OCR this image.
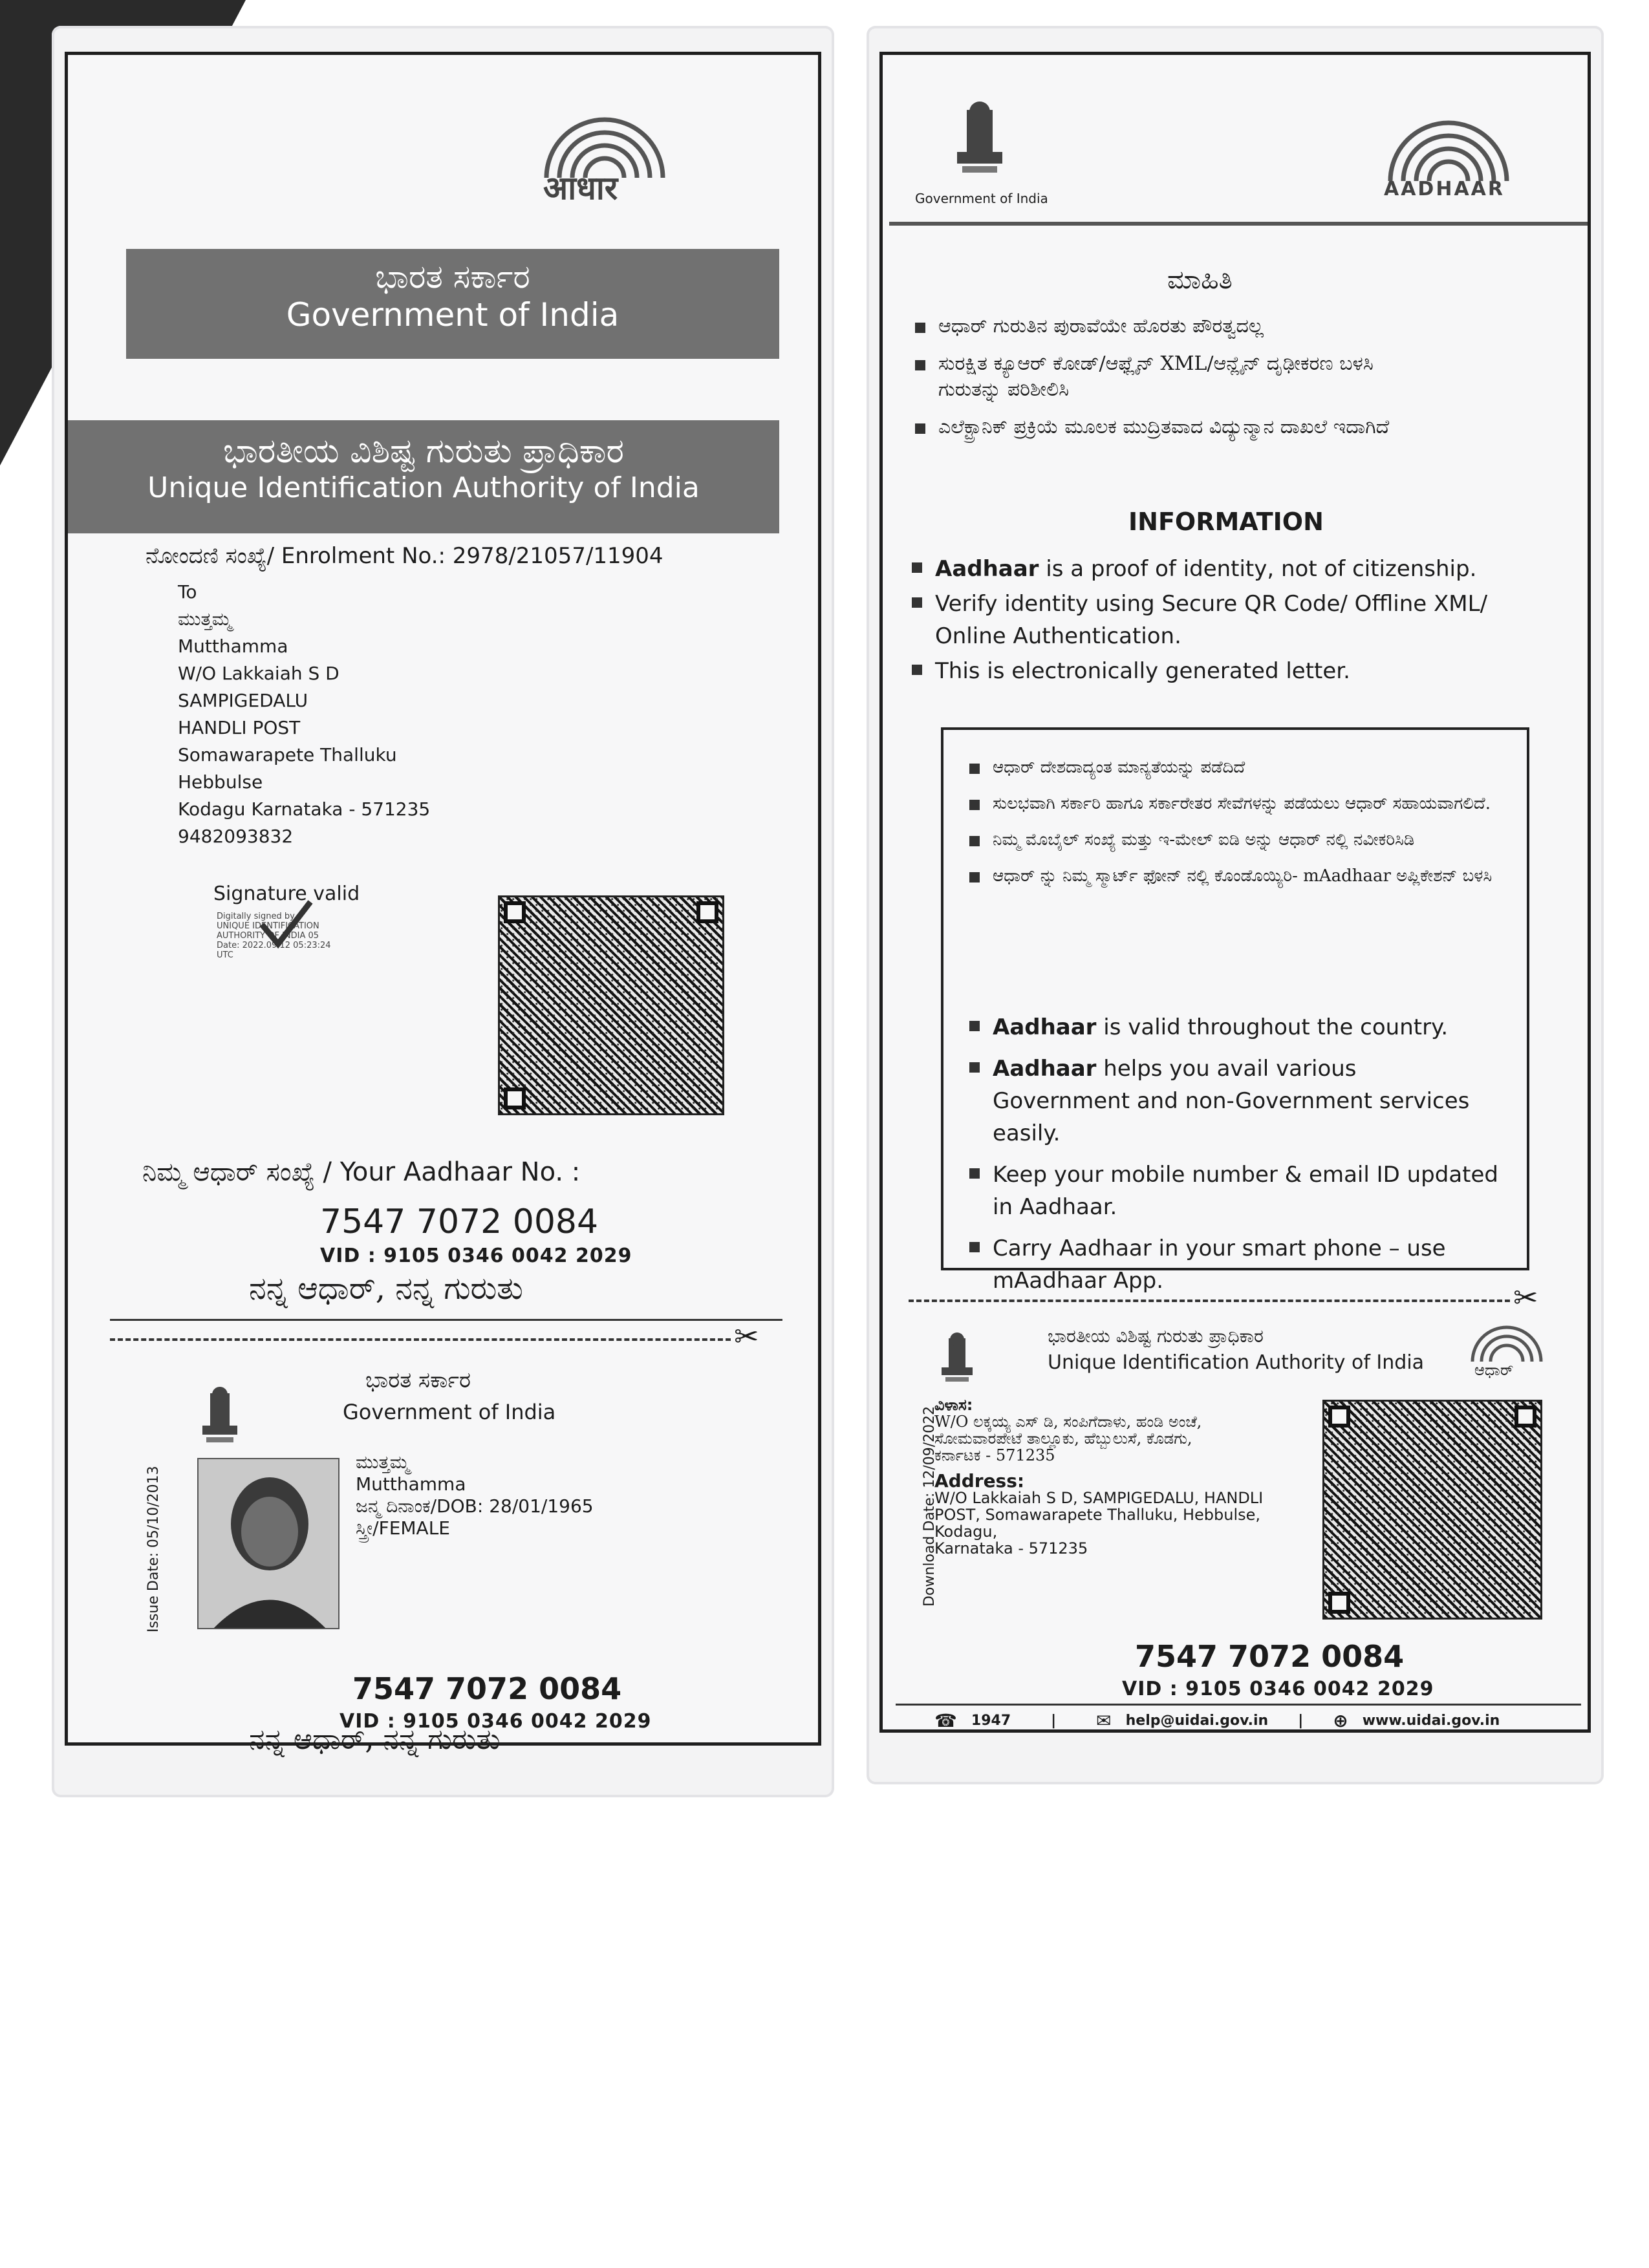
आधार
ಭಾರತ ಸರ್ಕಾರ
Government of India
ಭಾರತೀಯ ವಿಶಿಷ್ಟ ಗುರುತು ಪ್ರಾಧಿಕಾರ
Unique Identification Authority of India
ನೋಂದಣಿ ಸಂಖ್ಯೆ/ Enrolment No.: 2978/21057/11904
To
ಮುತ್ತಮ್ಮ
Mutthamma
W/O Lakkaiah S D
SAMPIGEDALU
HANDLI POST
Somawarapete Thalluku
Hebbulse
Kodagu Karnataka - 571235
9482093832
Signature valid
Digitally signed by
UNIQUE IDENTIFICATION
AUTHORITY OF INDIA 05
Date: 2022.09.12 05:23:24
UTC
ನಿಮ್ಮ ಆಧಾರ್ ಸಂಖ್ಯೆ / Your Aadhaar No. :
7547 7072 0084
VID : 9105 0346 0042 2029
ನನ್ನ ಆಧಾರ್, ನನ್ನ ಗುರುತು
✂
ಭಾರತ ಸರ್ಕಾರ
Government of India
Issue Date: 05/10/2013
ಮುತ್ತಮ್ಮ
Mutthamma
ಜನ್ಮ ದಿನಾಂಕ/DOB: 28/01/1965
ಸ್ತ್ರೀ/FEMALE
7547 7072 0084
VID : 9105 0346 0042 2029
ನನ್ನ ಆಧಾರ್, ನನ್ನ ಗುರುತು
Government of India	AADHAAR
ಮಾಹಿತಿ
ಆಧಾರ್ ಗುರುತಿನ ಪುರಾವೆಯೇ ಹೊರತು ಪೌರತ್ವದಲ್ಲ
ಸುರಕ್ಷಿತ ಕ್ಯೂಆರ್ ಕೋಡ್/ಆಫ್ಲೈನ್ XML/ಆನ್ಲೈನ್ ದೃಢೀಕರಣ ಬಳಸಿ ಗುರುತನ್ನು ಪರಿಶೀಲಿಸಿ
ಎಲೆಕ್ಟ್ರಾನಿಕ್ ಪ್ರಕ್ರಿಯೆ ಮೂಲಕ ಮುದ್ರಿತವಾದ ವಿದ್ಯುನ್ಮಾನ ದಾಖಲೆ ಇದಾಗಿದೆ
INFORMATION
Aadhaar is a proof of identity, not of citizenship.
Verify identity using Secure QR Code/ Offline XML/ Online Authentication.
This is electronically generated letter.
ಆಧಾರ್ ದೇಶದಾದ್ಯಂತ ಮಾನ್ಯತೆಯನ್ನು ಪಡೆದಿದೆ
ಸುಲಭವಾಗಿ ಸರ್ಕಾರಿ ಹಾಗೂ ಸರ್ಕಾರೇತರ ಸೇವೆಗಳನ್ನು ಪಡೆಯಲು ಆಧಾರ್ ಸಹಾಯವಾಗಲಿದೆ.
ನಿಮ್ಮ ಮೊಬೈಲ್ ಸಂಖ್ಯೆ ಮತ್ತು ಇ-ಮೇಲ್ ಐಡಿ ಅನ್ನು ಆಧಾರ್ ನಲ್ಲಿ ನವೀಕರಿಸಿಡಿ
ಆಧಾರ್ ನ್ನು ನಿಮ್ಮ ಸ್ಮಾರ್ಟ್ ಫೋನ್ ನಲ್ಲಿ ಕೊಂಡೊಯ್ಯಿರಿ- mAadhaar ಅಪ್ಲಿಕೇಶನ್ ಬಳಸಿ
Aadhaar is valid throughout the country.
Aadhaar helps you avail various Government and non-Government services easily.
Keep your mobile number & email ID updated in Aadhaar.
Carry Aadhaar in your smart phone – use mAadhaar App.	✂
ಭಾರತೀಯ ವಿಶಿಷ್ಟ ಗುರುತು ಪ್ರಾಧಿಕಾರ
Unique Identification Authority of India	ಆಧಾರ್
Download Date: 12/09/2022
ವಿಳಾಸ:
W/O ಲಕ್ಕಯ್ಯ ಎಸ್ ಡಿ, ಸಂಪಿಗೆದಾಳು, ಹಂಡಿ ಅಂಚೆ,
ಸೋಮವಾರಪೇಟೆ ತಾಲ್ಲೂಕು, ಹೆಬ್ಬುಲುಸೆ, ಕೊಡಗು,
ಕರ್ನಾಟಕ - 571235
Address:
W/O Lakkaiah S D, SAMPIGEDALU, HANDLI
POST, Somawarapete Thalluku, Hebbulse,
Kodagu,
Karnataka - 571235
7547 7072 0084
VID : 9105 0346 0042 2029
☎ 1947	| ✉ help@uidai.gov.in | ⊕ www.uidai.gov.in
